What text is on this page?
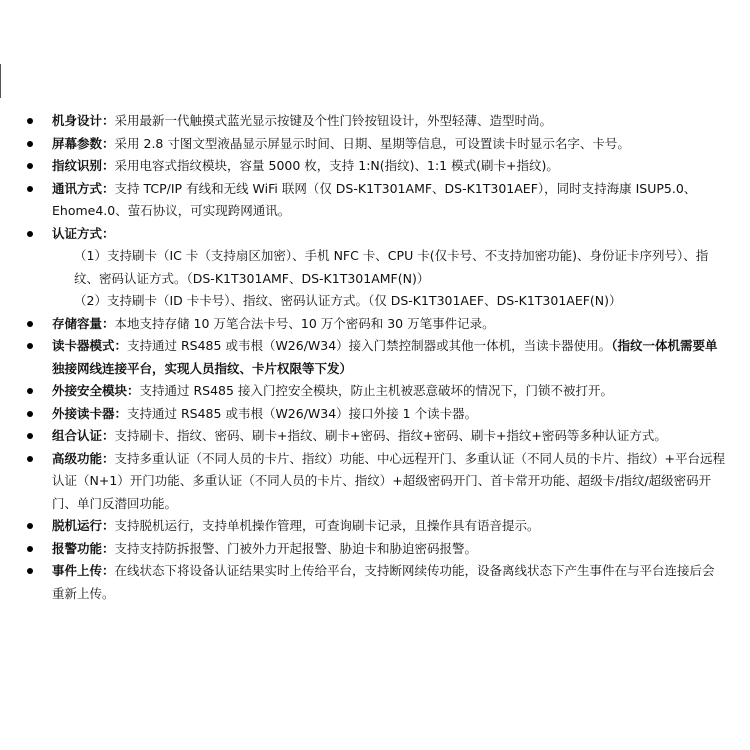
机身设计：采用最新一代触摸式蓝光显示按键及个性门铃按钮设计，外型轻薄、造型时尚。
屏幕参数：采用 2.8 寸图文型液晶显示屏显示时间、日期、星期等信息，可设置读卡时显示名字、卡号。
指纹识别：采用电容式指纹模块，容量 5000 枚，支持 1:N(指纹)、1:1 模式(刷卡+指纹)。
通讯方式：支持 TCP/IP 有线和无线 WiFi 联网（仅 DS-K1T301AMF、DS-K1T301AEF），同时支持海康 ISUP5.0、Ehome4.0、萤石协议，可实现跨网通讯。
认证方式：
（1）支持刷卡（IC 卡（支持扇区加密）、手机 NFC 卡、CPU 卡(仅卡号、不支持加密功能)、身份证卡序列号）、指纹、密码认证方式。（DS-K1T301AMF、DS-K1T301AMF(N)）
（2）支持刷卡（ID 卡卡号）、指纹、密码认证方式。（仅 DS-K1T301AEF、DS-K1T301AEF(N)）
存储容量：本地支持存储 10 万笔合法卡号、10 万个密码和 30 万笔事件记录。
读卡器模式：支持通过 RS485 或韦根（W26/W34）接入门禁控制器或其他一体机，当读卡器使用。（指纹一体机需要单独接网线连接平台，实现人员指纹、卡片权限等下发）
外接安全模块：支持通过 RS485 接入门控安全模块，防止主机被恶意破坏的情况下，门锁不被打开。
外接读卡器：支持通过 RS485 或韦根（W26/W34）接口外接 1 个读卡器。
组合认证：支持刷卡、指纹、密码、刷卡+指纹、刷卡+密码、指纹+密码、刷卡+指纹+密码等多种认证方式。
高级功能：支持多重认证（不同人员的卡片、指纹）功能、中心远程开门、多重认证（不同人员的卡片、指纹）+平台远程认证（N+1）开门功能、多重认证（不同人员的卡片、指纹）+超级密码开门、首卡常开功能、超级卡/指纹/超级密码开门、单门反潜回功能。
脱机运行：支持脱机运行，支持单机操作管理，可查询刷卡记录，且操作具有语音提示。
报警功能：支持支持防拆报警、门被外力开起报警、胁迫卡和胁迫密码报警。
事件上传：在线状态下将设备认证结果实时上传给平台，支持断网续传功能，设备离线状态下产生事件在与平台连接后会重新上传。
